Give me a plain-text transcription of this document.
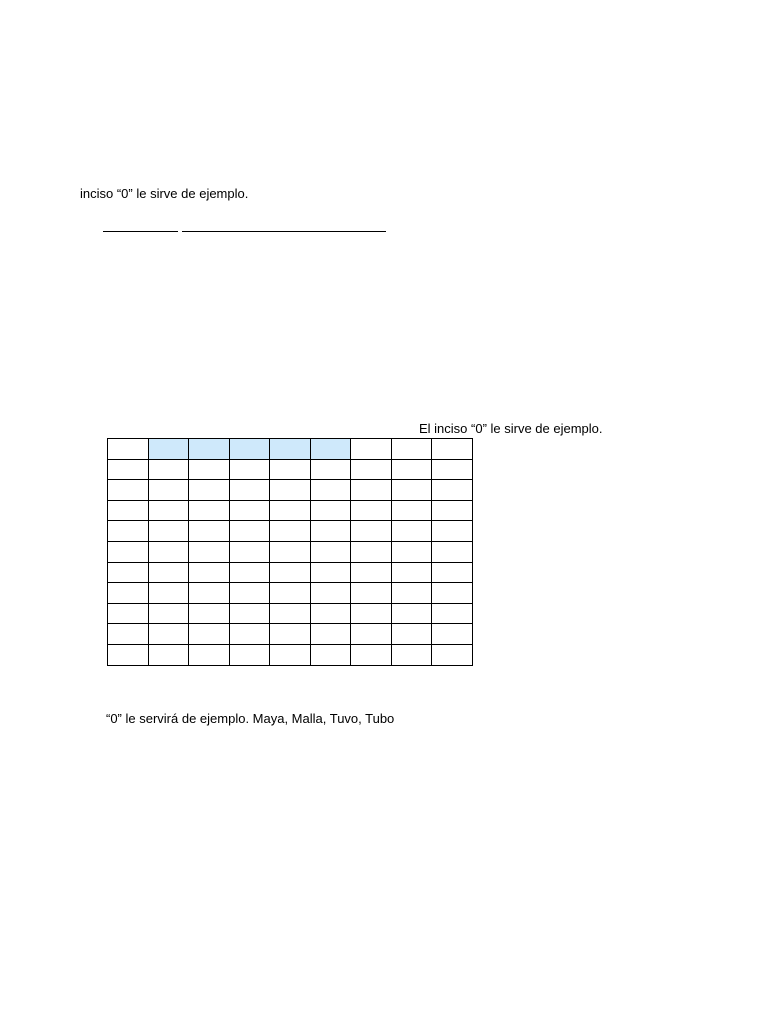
inciso “0” le sirve de ejemplo.
El inciso “0” le sirve de ejemplo.

“0” le servirá de ejemplo. Maya, Malla, Tuvo, Tubo
